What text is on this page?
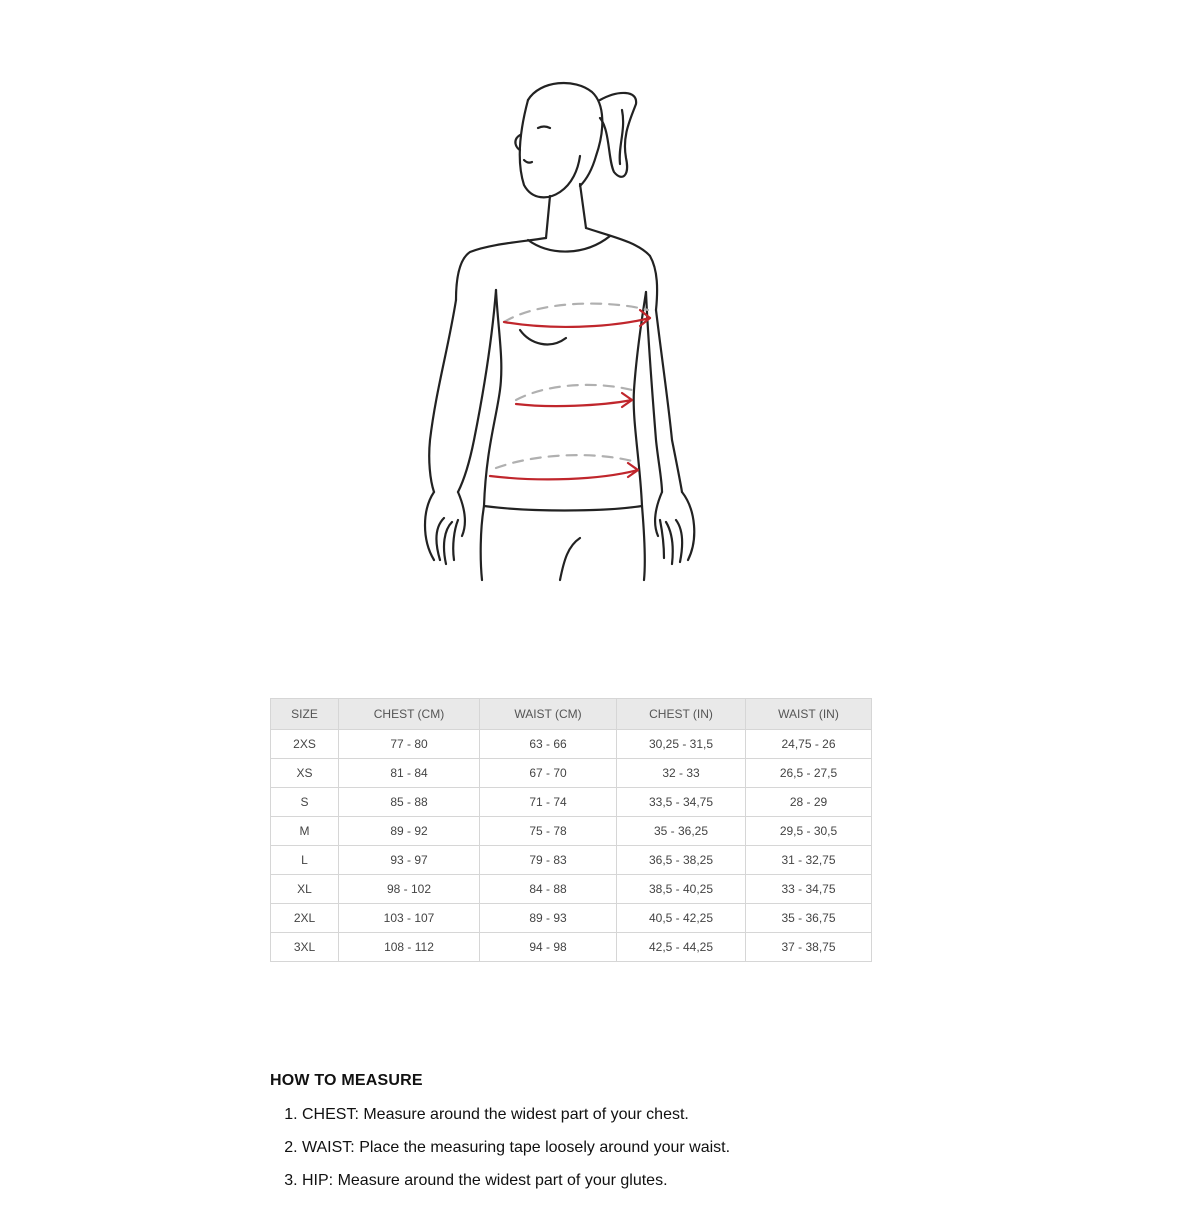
SIZE	CHEST (CM)	WAIST (CM)	CHEST (IN)	WAIST (IN)
2XS	77 - 80	63 - 66	30,25 - 31,5	24,75 - 26
XS	81 - 84	67 - 70	32 - 33	26,5 - 27,5
S	85 - 88	71 - 74	33,5 - 34,75	28 - 29
M	89 - 92	75 - 78	35 - 36,25	29,5 - 30,5
L	93 - 97	79 - 83	36,5 - 38,25	31 - 32,75
XL	98 - 102	84 - 88	38,5 - 40,25	33 - 34,75
2XL	103 - 107	89 - 93	40,5 - 42,25	35 - 36,75
3XL	108 - 112	94 - 98	42,5 - 44,25	37 - 38,75
HOW TO MEASURE
1. CHEST: Measure around the widest part of your chest.
2. WAIST: Place the measuring tape loosely around your waist.
3. HIP: Measure around the widest part of your glutes.
